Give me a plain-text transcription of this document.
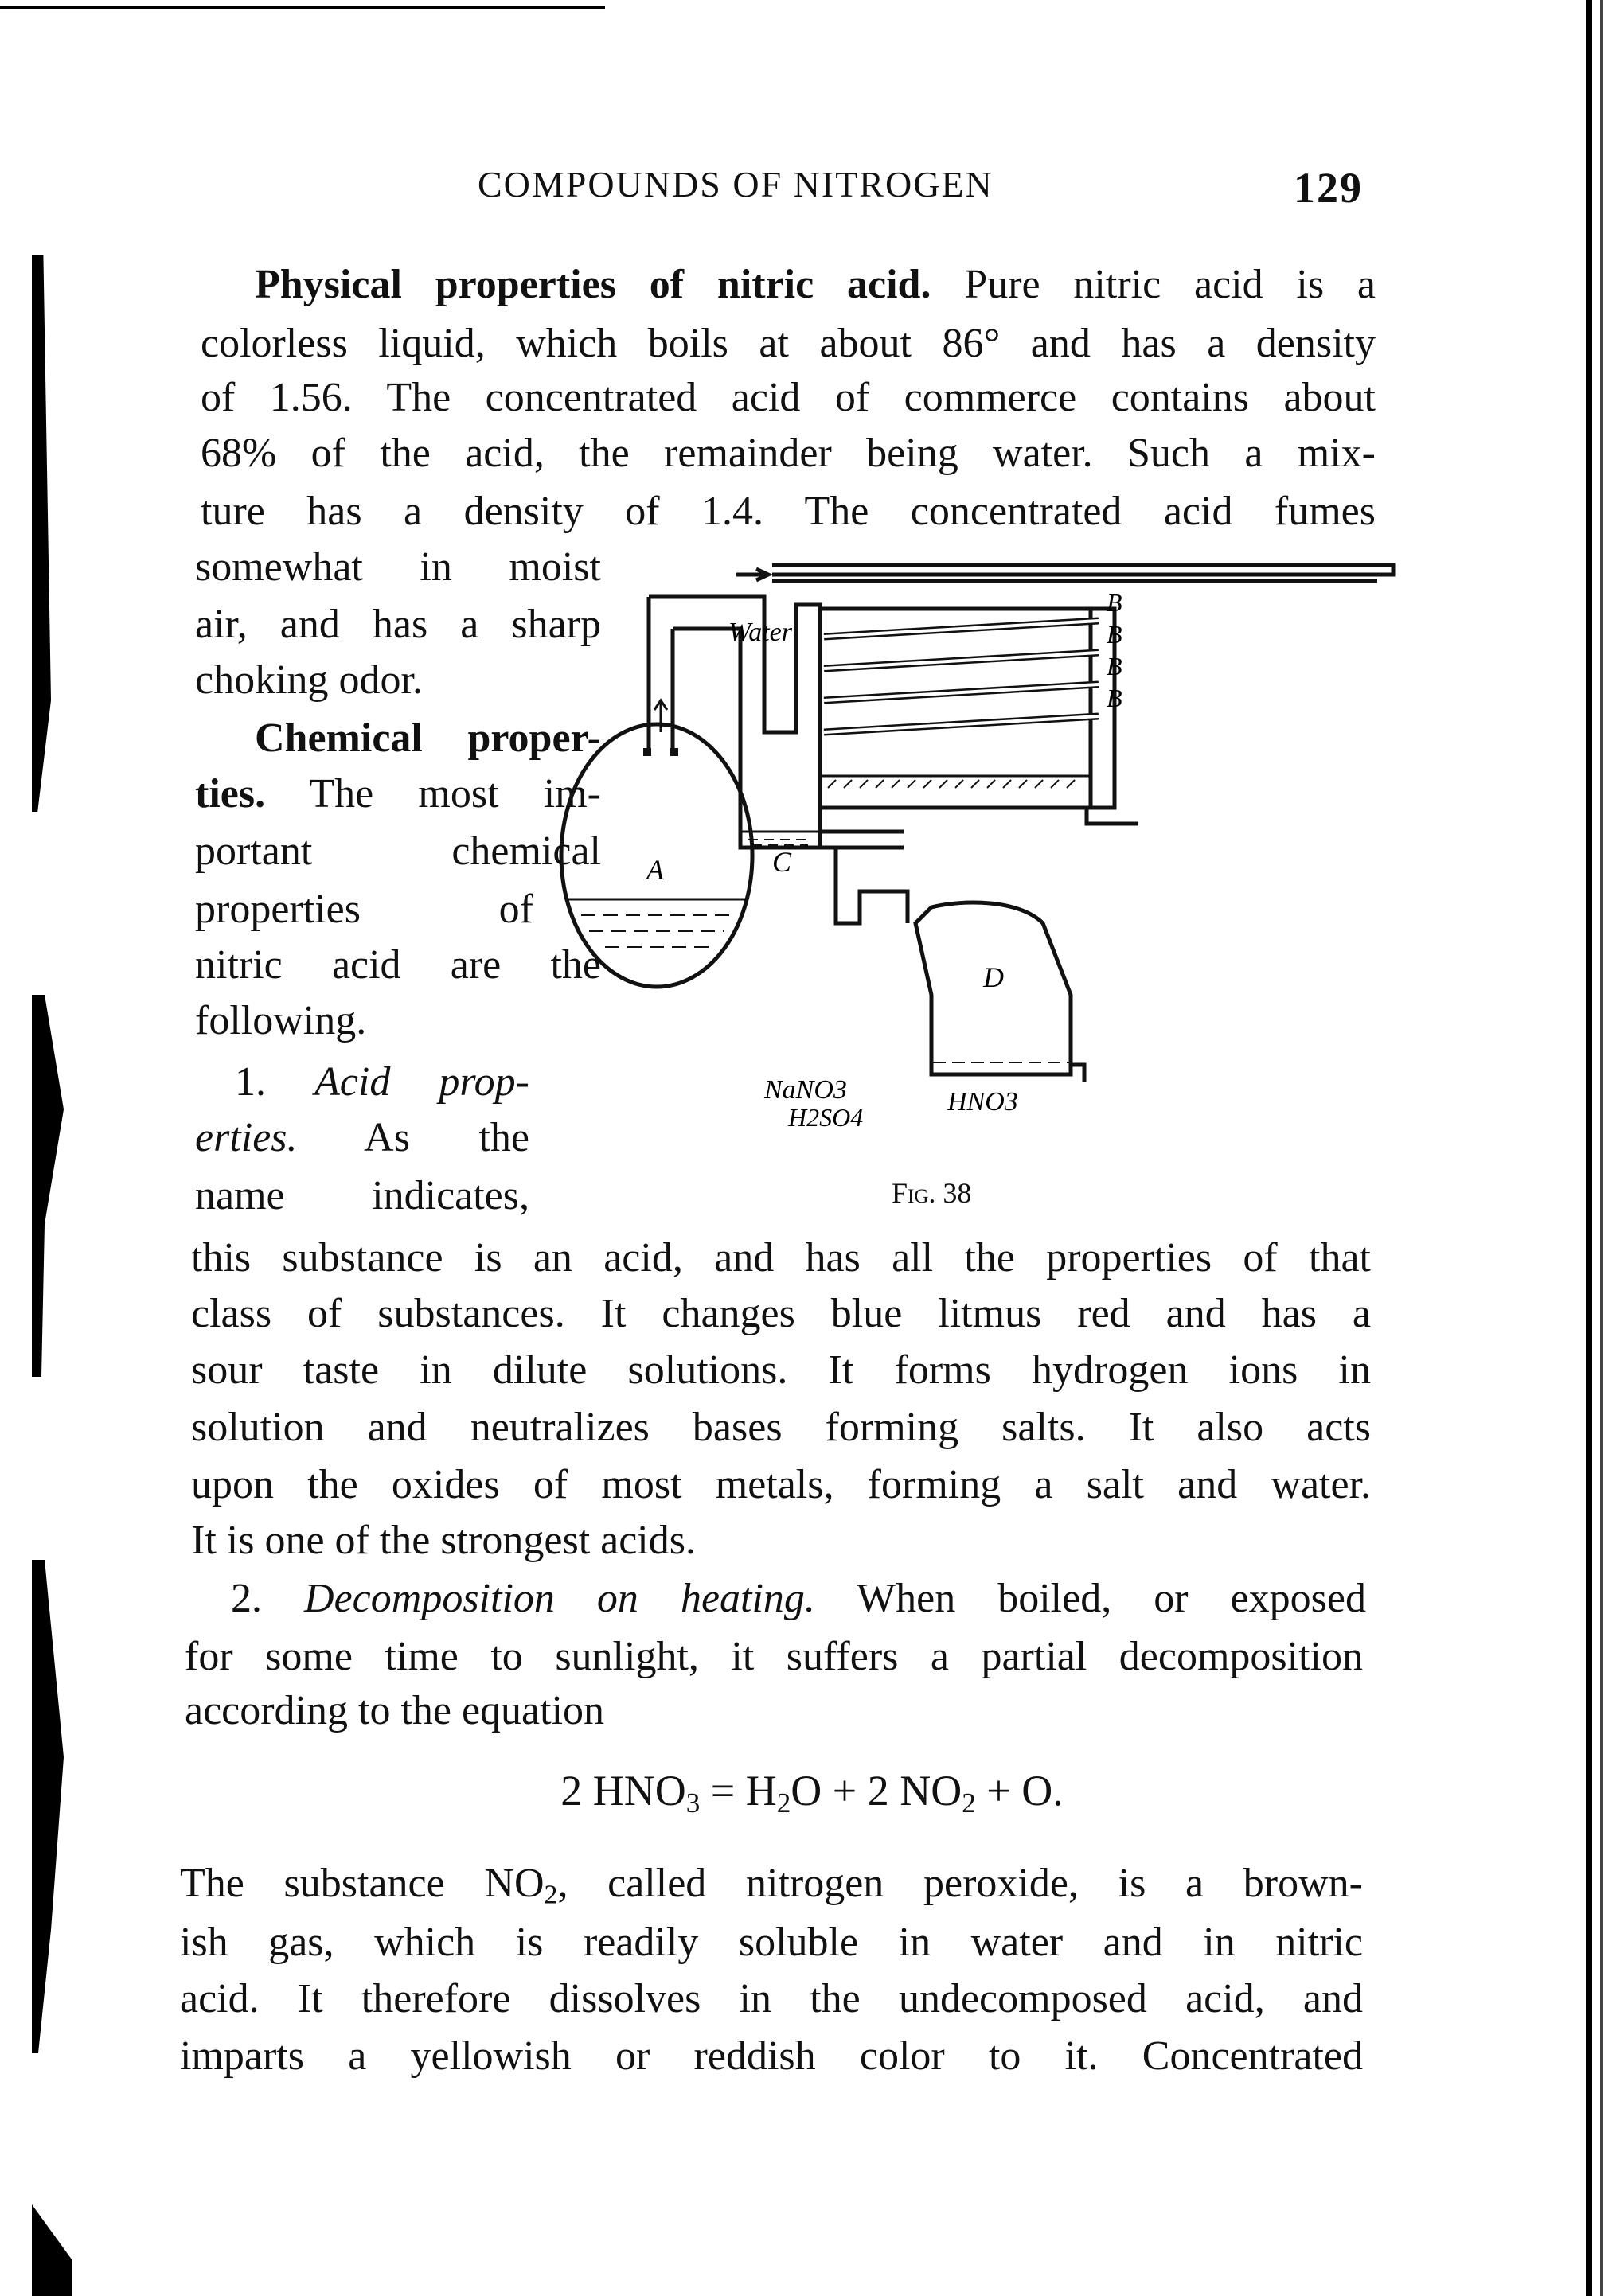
COMPOUNDS OF NITROGEN	129
Physical properties of nitric acid. Pure nitric acid is a
colorless liquid, which boils at about 86° and has a density
of 1.56. The concentrated acid of commerce contains about
68% of the acid, the remainder being water. Such a mix-
ture has a density of 1.4. The concentrated acid fumes
somewhat in moist
air, and has a sharp
choking odor.
Chemical proper-
ties. The most im-
portant chemical
properties of
nitric acid are the
following.
1. Acid prop-
erties. As the
name indicates,
this substance is an acid, and has all the properties of that
class of substances. It changes blue litmus red and has a
sour taste in dilute solutions. It forms hydrogen ions in
solution and neutralizes bases forming salts. It also acts
upon the oxides of most metals, forming a salt and water.
It is one of the strongest acids.
2. Decomposition on heating. When boiled, or exposed
for some time to sunlight, it suffers a partial decomposition
according to the equation
The substance $NO_2$, called nitrogen peroxide, is a brown-
ish gas, which is readily soluble in water and in nitric
acid. It therefore dissolves in the undecomposed acid, and
imparts a yellowish or reddish color to it. Concentrated
2 $HNO_3 = H_2O + 2$ $NO_2 + O$.
Water
A
B
B
B
B
C
D
NaNO3
H2SO4
HNO3
Fig. 38
